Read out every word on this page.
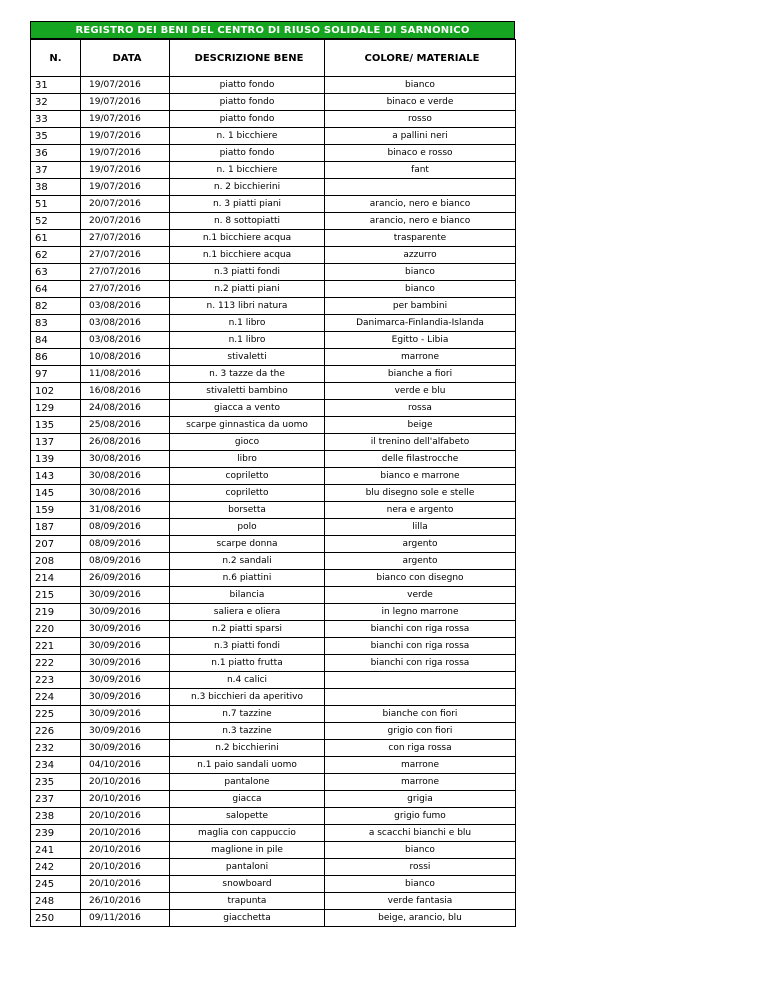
REGISTRO DEI BENI DEL CENTRO DI RIUSO SOLIDALE DI SARNONICO
N.	DATA	DESCRIZIONE BENE	COLORE/ MATERIALE
31	19/07/2016	piatto fondo	bianco
32	19/07/2016	piatto fondo	binaco e verde
33	19/07/2016	piatto fondo	rosso
35	19/07/2016	n. 1 bicchiere	a pallini neri
36	19/07/2016	piatto fondo	binaco e rosso
37	19/07/2016	n. 1 bicchiere	fant
38	19/07/2016	n. 2 bicchierini	
51	20/07/2016	n. 3 piatti piani	arancio, nero e bianco
52	20/07/2016	n. 8 sottopiatti	arancio, nero e bianco
61	27/07/2016	n.1 bicchiere acqua	trasparente
62	27/07/2016	n.1 bicchiere acqua	azzurro
63	27/07/2016	n.3 piatti fondi	bianco
64	27/07/2016	n.2 piatti piani	bianco
82	03/08/2016	n. 113 libri natura	per bambini
83	03/08/2016	n.1 libro	Danimarca-Finlandia-Islanda
84	03/08/2016	n.1 libro	Egitto - Libia
86	10/08/2016	stivaletti	marrone
97	11/08/2016	n. 3 tazze da the	bianche a fiori
102	16/08/2016	stivaletti bambino	verde e blu
129	24/08/2016	giacca a vento	rossa
135	25/08/2016	scarpe ginnastica da uomo	beige
137	26/08/2016	gioco	il trenino dell'alfabeto
139	30/08/2016	libro	delle filastrocche
143	30/08/2016	copriletto	bianco e marrone
145	30/08/2016	copriletto	blu disegno sole e stelle
159	31/08/2016	borsetta	nera e argento
187	08/09/2016	polo	lilla
207	08/09/2016	scarpe donna	argento
208	08/09/2016	n.2 sandali	argento
214	26/09/2016	n.6 piattini	bianco con disegno
215	30/09/2016	bilancia	verde
219	30/09/2016	saliera e oliera	in legno marrone
220	30/09/2016	n.2 piatti sparsi	bianchi con riga rossa
221	30/09/2016	n.3 piatti fondi	bianchi con riga rossa
222	30/09/2016	n.1 piatto frutta	bianchi con riga rossa
223	30/09/2016	n.4 calici	
224	30/09/2016	n.3 bicchieri da aperitivo	
225	30/09/2016	n.7 tazzine	bianche con fiori
226	30/09/2016	n.3 tazzine	grigio con fiori
232	30/09/2016	n.2 bicchierini	con riga rossa
234	04/10/2016	n.1 paio sandali uomo	marrone
235	20/10/2016	pantalone	marrone
237	20/10/2016	giacca	grigia
238	20/10/2016	salopette	grigio fumo
239	20/10/2016	maglia con cappuccio	a scacchi bianchi e blu
241	20/10/2016	maglione in pile	bianco
242	20/10/2016	pantaloni	rossi
245	20/10/2016	snowboard	bianco
248	26/10/2016	trapunta	verde fantasia
250	09/11/2016	giacchetta	beige, arancio, blu
